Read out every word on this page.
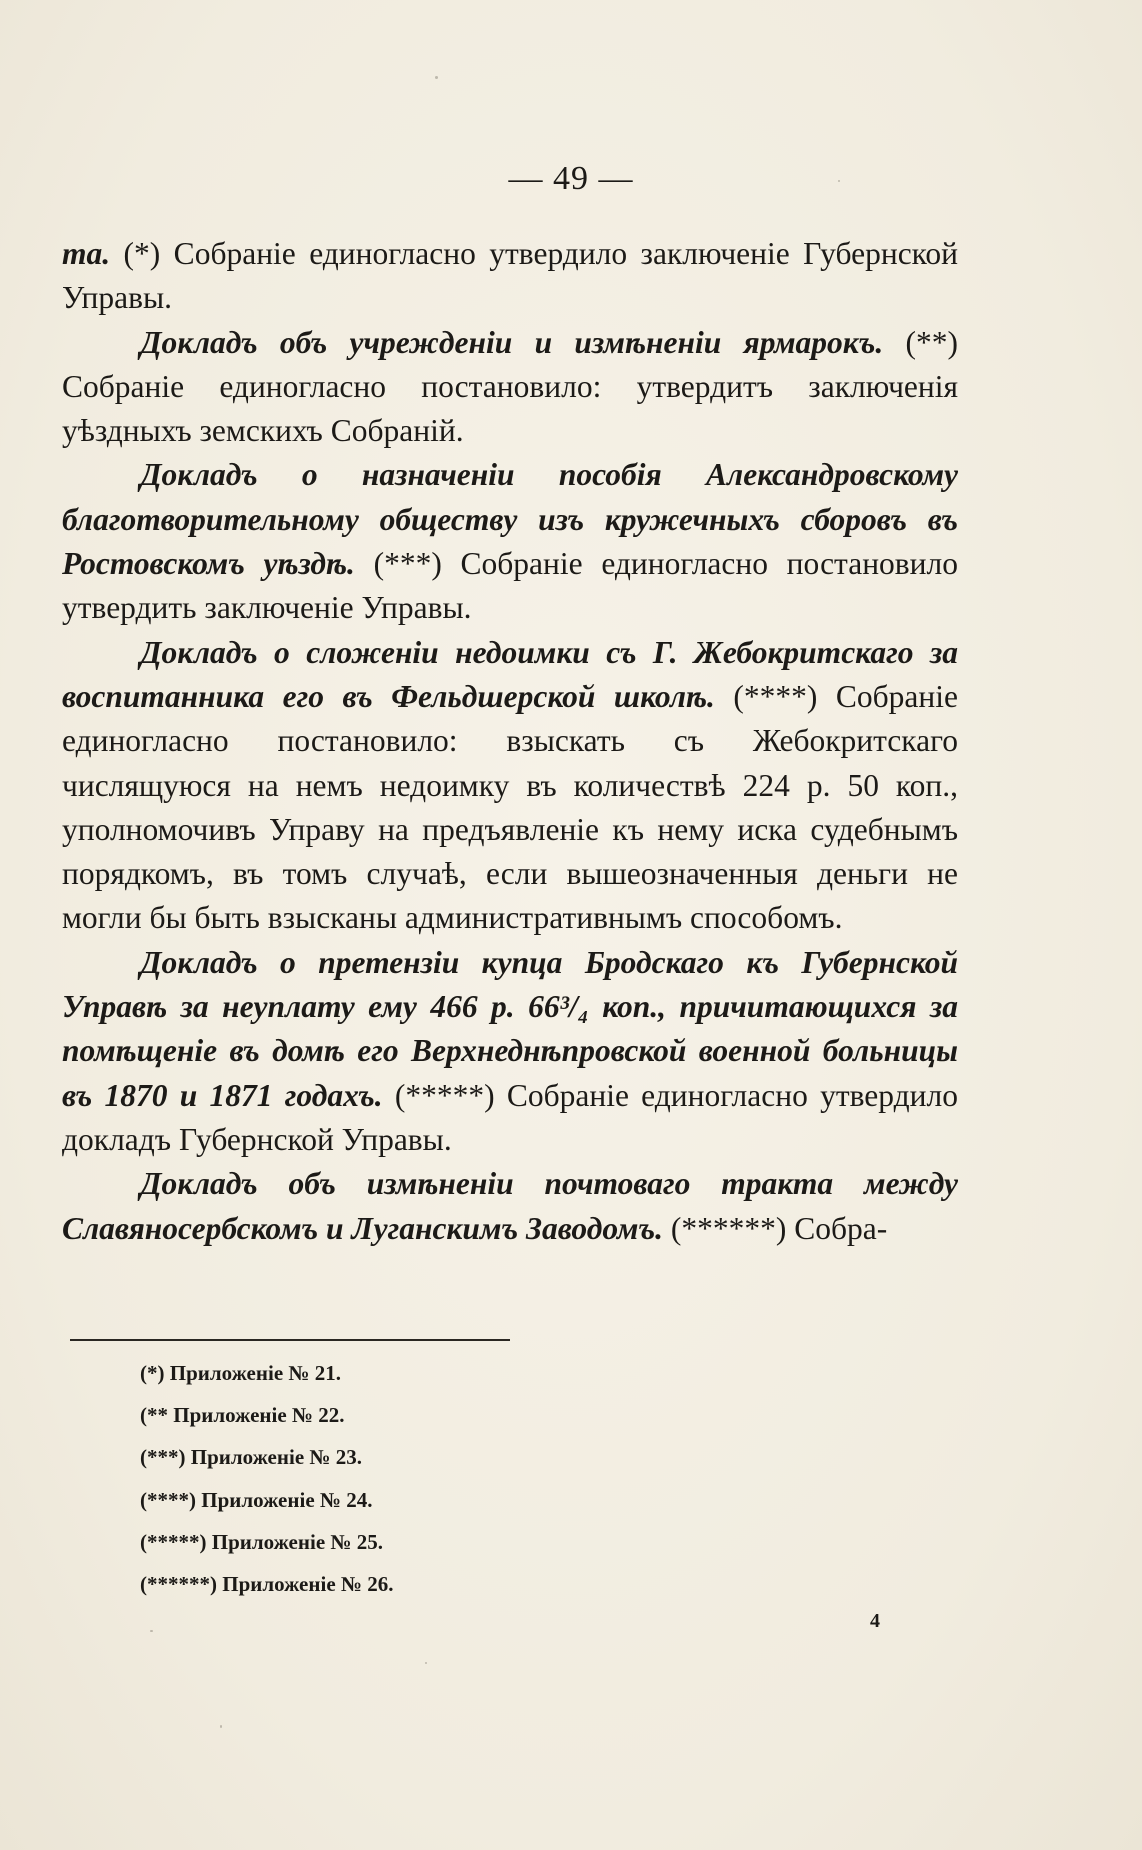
— 49 —

та. (*) Собраніе единогласно утвердило заключеніе Губернской Управы.

Докладъ объ учрежденіи и измѣненіи ярмарокъ. (**) Собраніе единогласно постановило: утвердитъ заключенія уѣздныхъ земскихъ Собраній.

Докладъ о назначеніи пособія Александровскому благотворительному обществу изъ кружечныхъ сборовъ въ Ростовскомъ уѣздѣ. (***) Собраніе единогласно постановило утвердить заключеніе Управы.

Докладъ о сложеніи недоимки съ Г. Жебокритскаго за воспитанника его въ Фельдшерской школѣ. (****) Собраніе единогласно постановило: взыскать съ Жебокритскаго числящуюся на немъ недоимку въ количествѣ 224 р. 50 коп., уполномочивъ Управу на предъявленіе къ нему иска судебнымъ порядкомъ, въ томъ случаѣ, если вышеозначенныя деньги не могли бы быть взысканы административнымъ способомъ.

Докладъ о претензіи купца Бродскаго къ Губернской Управѣ за неуплату ему 466 р. 66³/₄ коп., причитающихся за помѣщеніе въ домѣ его Верхнеднѣпровской военной больницы въ 1870 и 1871 годахъ. (*****) Собраніе единогласно утвердило докладъ Губернской Управы.

Докладъ объ измѣненіи почтоваго тракта между Славяносербскомъ и Луганскимъ Заводомъ. (******) Собра-

(*) Приложеніе № 21.
(** Приложеніе № 22.
(***) Приложеніе № 23.
(****) Приложеніе № 24.
(*****) Приложеніе № 25.
(******) Приложеніе № 26.
4
